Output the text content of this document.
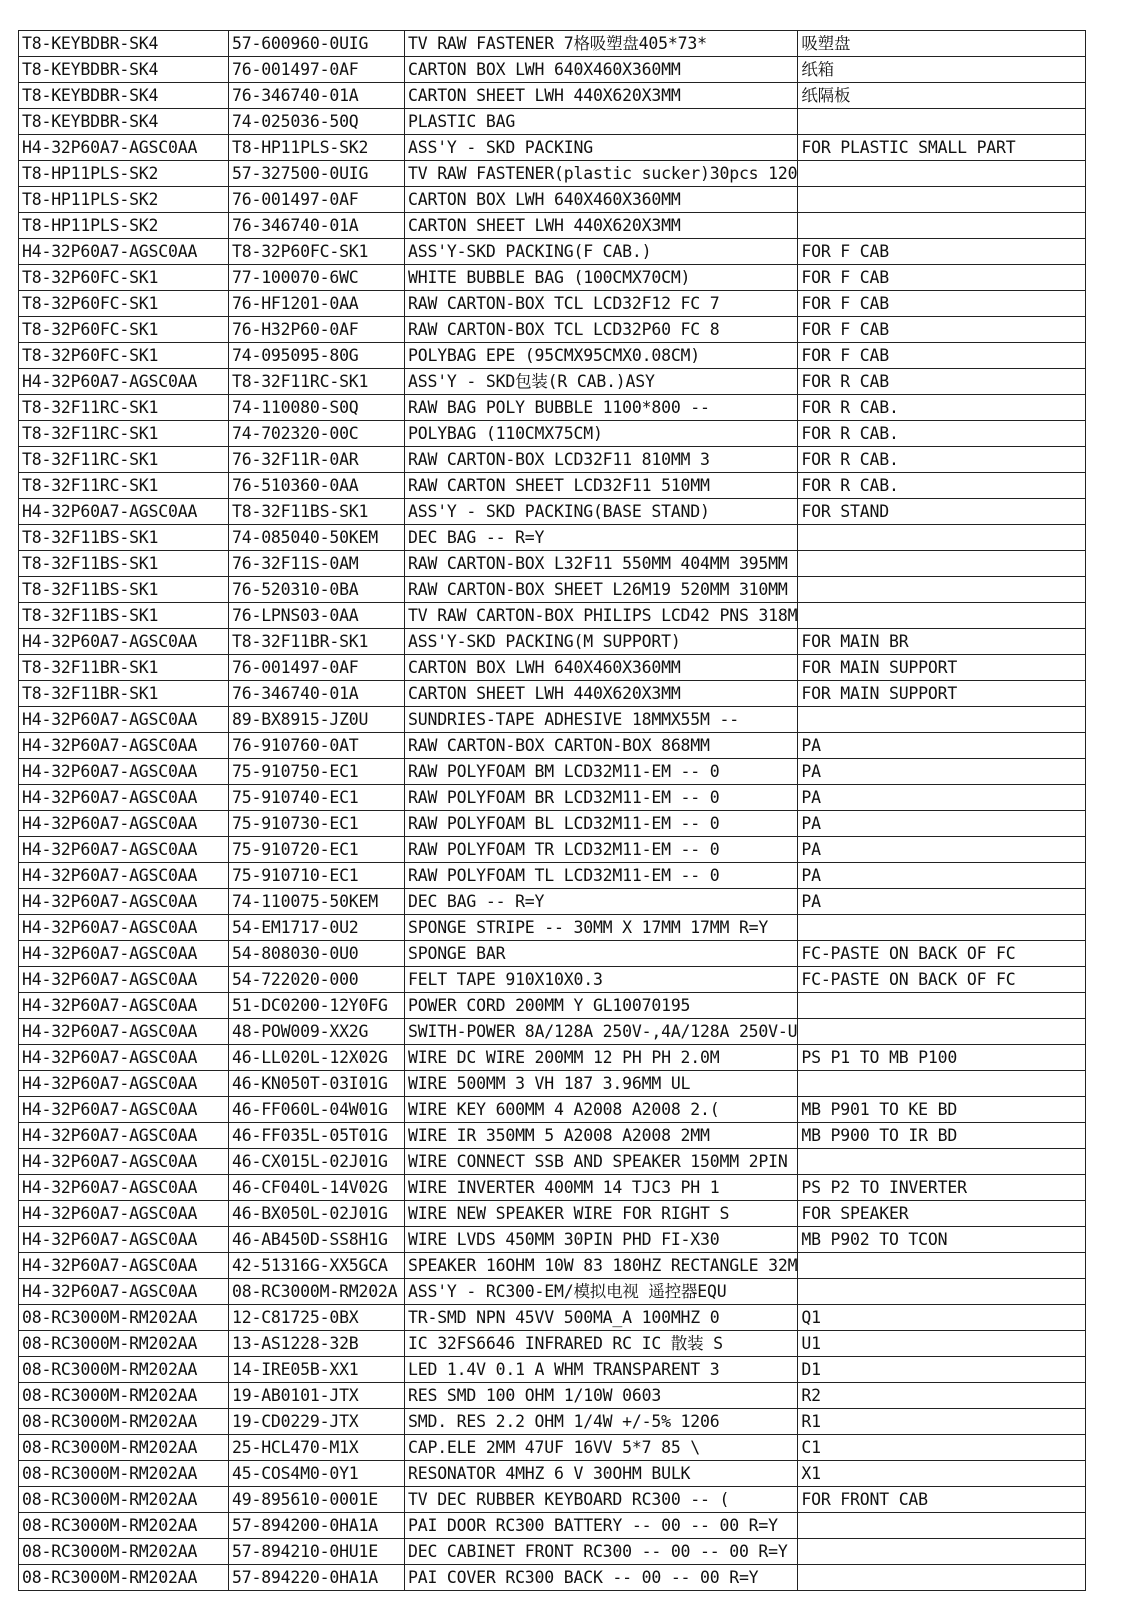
T8-KEYBDBR-SK4	57-600960-0UIG	TV RAW FASTENER 7格吸塑盘405*73*	吸塑盘
T8-KEYBDBR-SK4	76-001497-0AF	CARTON BOX LWH 640X460X360MM	纸箱
T8-KEYBDBR-SK4	76-346740-01A	CARTON SHEET LWH 440X620X3MM	纸隔板
T8-KEYBDBR-SK4	74-025036-50Q	PLASTIC BAG	
H4-32P60A7-AGSC0AA	T8-HP11PLS-SK2	ASS'Y - SKD PACKING	FOR PLASTIC SMALL PART
T8-HP11PLS-SK2	57-327500-0UIG	TV RAW FASTENER(plastic sucker)30pcs 120	
T8-HP11PLS-SK2	76-001497-0AF	CARTON BOX LWH 640X460X360MM	
T8-HP11PLS-SK2	76-346740-01A	CARTON SHEET LWH 440X620X3MM	
H4-32P60A7-AGSC0AA	T8-32P60FC-SK1	ASS'Y-SKD PACKING(F CAB.)	FOR F CAB
T8-32P60FC-SK1	77-100070-6WC	WHITE BUBBLE BAG (100CMX70CM)	FOR F CAB
T8-32P60FC-SK1	76-HF1201-0AA	RAW CARTON-BOX TCL LCD32F12 FC 7	FOR F CAB
T8-32P60FC-SK1	76-H32P60-0AF	RAW CARTON-BOX TCL LCD32P60 FC 8	FOR F CAB
T8-32P60FC-SK1	74-095095-80G	POLYBAG EPE (95CMX95CMX0.08CM)	FOR F CAB
H4-32P60A7-AGSC0AA	T8-32F11RC-SK1	ASS'Y - SKD包装(R CAB.)ASY	FOR R CAB
T8-32F11RC-SK1	74-110080-S0Q	RAW BAG POLY BUBBLE 1100*800 --	FOR R CAB.
T8-32F11RC-SK1	74-702320-00C	POLYBAG (110CMX75CM)	FOR R CAB.
T8-32F11RC-SK1	76-32F11R-0AR	RAW CARTON-BOX LCD32F11 810MM 3	FOR R CAB.
T8-32F11RC-SK1	76-510360-0AA	RAW CARTON SHEET LCD32F11 510MM	FOR R CAB.
H4-32P60A7-AGSC0AA	T8-32F11BS-SK1	ASS'Y - SKD PACKING(BASE STAND)	FOR STAND
T8-32F11BS-SK1	74-085040-50KEM	DEC BAG -- R=Y	
T8-32F11BS-SK1	76-32F11S-0AM	RAW CARTON-BOX L32F11 550MM 404MM 395MM	
T8-32F11BS-SK1	76-520310-0BA	RAW CARTON-BOX SHEET L26M19 520MM 310MM	
T8-32F11BS-SK1	76-LPNS03-0AA	TV RAW CARTON-BOX PHILIPS LCD42 PNS 318M	
H4-32P60A7-AGSC0AA	T8-32F11BR-SK1	ASS'Y-SKD PACKING(M SUPPORT)	FOR MAIN BR
T8-32F11BR-SK1	76-001497-0AF	CARTON BOX LWH 640X460X360MM	FOR MAIN SUPPORT
T8-32F11BR-SK1	76-346740-01A	CARTON SHEET LWH 440X620X3MM	FOR MAIN SUPPORT
H4-32P60A7-AGSC0AA	89-BX8915-JZ0U	SUNDRIES-TAPE ADHESIVE 18MMX55M --	
H4-32P60A7-AGSC0AA	76-910760-0AT	RAW CARTON-BOX CARTON-BOX 868MM	PA
H4-32P60A7-AGSC0AA	75-910750-EC1	RAW POLYFOAM BM LCD32M11-EM -- 0	PA
H4-32P60A7-AGSC0AA	75-910740-EC1	RAW POLYFOAM BR LCD32M11-EM -- 0	PA
H4-32P60A7-AGSC0AA	75-910730-EC1	RAW POLYFOAM BL LCD32M11-EM -- 0	PA
H4-32P60A7-AGSC0AA	75-910720-EC1	RAW POLYFOAM TR LCD32M11-EM -- 0	PA
H4-32P60A7-AGSC0AA	75-910710-EC1	RAW POLYFOAM TL LCD32M11-EM -- 0	PA
H4-32P60A7-AGSC0AA	74-110075-50KEM	DEC BAG -- R=Y	PA
H4-32P60A7-AGSC0AA	54-EM1717-0U2	SPONGE STRIPE -- 30MM X 17MM 17MM R=Y	
H4-32P60A7-AGSC0AA	54-808030-0U0	SPONGE BAR	FC-PASTE ON BACK OF FC
H4-32P60A7-AGSC0AA	54-722020-000	FELT TAPE 910X10X0.3	FC-PASTE ON BACK OF FC
H4-32P60A7-AGSC0AA	51-DC0200-12Y0FG	POWER CORD 200MM Y GL10070195	
H4-32P60A7-AGSC0AA	48-POW009-XX2G	SWITH-POWER 8A/128A 250V-,4A/128A 250V-U	
H4-32P60A7-AGSC0AA	46-LL020L-12X02G	WIRE DC WIRE 200MM 12 PH PH 2.0M	PS P1 TO MB P100
H4-32P60A7-AGSC0AA	46-KN050T-03I01G	WIRE 500MM 3 VH 187 3.96MM UL	
H4-32P60A7-AGSC0AA	46-FF060L-04W01G	WIRE KEY 600MM 4 A2008 A2008 2.(	MB P901 TO KE BD
H4-32P60A7-AGSC0AA	46-FF035L-05T01G	WIRE IR 350MM 5 A2008 A2008 2MM	MB P900 TO IR BD
H4-32P60A7-AGSC0AA	46-CX015L-02J01G	WIRE CONNECT SSB AND SPEAKER 150MM 2PIN	
H4-32P60A7-AGSC0AA	46-CF040L-14V02G	WIRE INVERTER 400MM 14 TJC3 PH 1	PS P2 TO INVERTER
H4-32P60A7-AGSC0AA	46-BX050L-02J01G	WIRE NEW SPEAKER WIRE FOR RIGHT S	FOR SPEAKER
H4-32P60A7-AGSC0AA	46-AB450D-SS8H1G	WIRE LVDS 450MM 30PIN PHD FI-X30	MB P902 TO TCON
H4-32P60A7-AGSC0AA	42-51316G-XX5GCA	SPEAKER 16OHM 10W 83 180HZ RECTANGLE 32M	
H4-32P60A7-AGSC0AA	08-RC3000M-RM202A	ASS'Y - RC300-EM/模拟电视 遥控器EQU	
08-RC3000M-RM202AA	12-C81725-0BX	TR-SMD NPN 45VV 500MA_A 100MHZ 0	Q1
08-RC3000M-RM202AA	13-AS1228-32B	IC 32FS6646 INFRARED RC IC 散装 S	U1
08-RC3000M-RM202AA	14-IRE05B-XX1	LED 1.4V 0.1 A WHM TRANSPARENT 3	D1
08-RC3000M-RM202AA	19-AB0101-JTX	RES SMD 100 OHM 1/10W 0603	R2
08-RC3000M-RM202AA	19-CD0229-JTX	SMD. RES 2.2 OHM 1/4W +/-5% 1206	R1
08-RC3000M-RM202AA	25-HCL470-M1X	CAP.ELE 2MM 47UF 16VV 5*7 85 \	C1
08-RC3000M-RM202AA	45-COS4M0-0Y1	RESONATOR 4MHZ 6 V 30OHM BULK	X1
08-RC3000M-RM202AA	49-895610-0001E	TV DEC RUBBER KEYBOARD RC300 -- (	FOR FRONT CAB
08-RC3000M-RM202AA	57-894200-0HA1A	PAI DOOR RC300 BATTERY -- 00 -- 00 R=Y	
08-RC3000M-RM202AA	57-894210-0HU1E	DEC CABINET FRONT RC300 -- 00 -- 00 R=Y	
08-RC3000M-RM202AA	57-894220-0HA1A	PAI COVER RC300 BACK -- 00 -- 00 R=Y	
